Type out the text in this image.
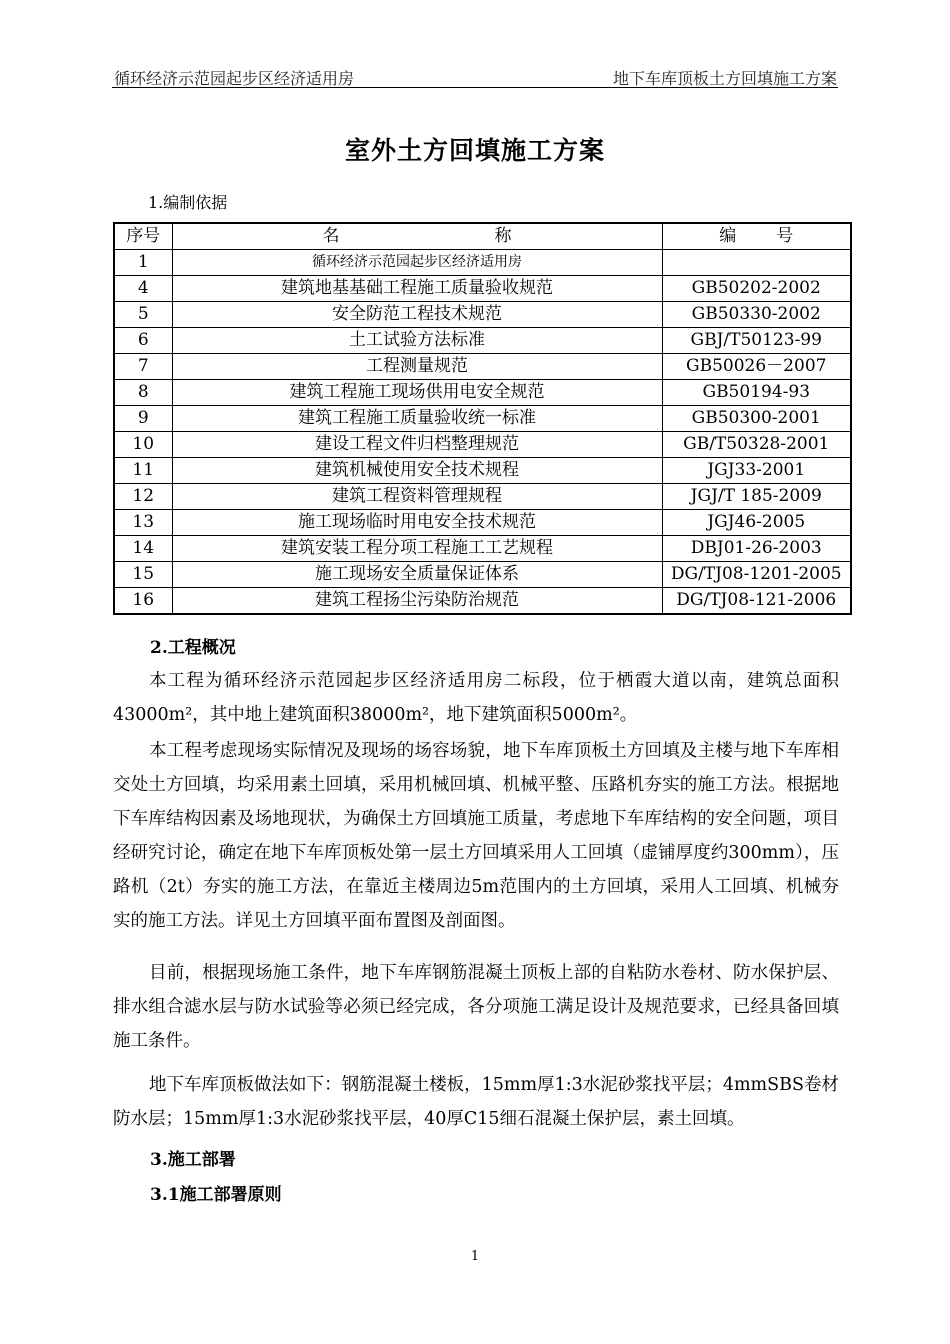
循环经济示范园起步区经济适用房	地下车库顶板土方回填施工方案
室外土方回填施工方案
1.编制依据
序号	名 称	编 号

1	循环经济示范园起步区经济适用房	
4	建筑地基基础工程施工质量验收规范	GB50202-2002
5	安全防范工程技术规范	GB50330-2002
6	土工试验方法标准	GBJ/T50123-99
7	工程测量规范	GB50026－2007
8	建筑工程施工现场供用电安全规范	GB50194-93
9	建筑工程施工质量验收统一标准	GB50300-2001
10	建设工程文件归档整理规范	GB/T50328-2001
11	建筑机械使用安全技术规程	JGJ33-2001
12	建筑工程资料管理规程	JGJ/T 185-2009
13	施工现场临时用电安全技术规范	JGJ46-2005
14	建筑安装工程分项工程施工工艺规程	DBJ01-26-2003
15	施工现场安全质量保证体系	DG/TJ08-1201-2005
16	建筑工程扬尘污染防治规范	DG/TJ08-121-2006
2.工程概况
本工程为循环经济示范园起步区经济适用房二标段，位于栖霞大道以南，建筑总面积43000m²，其中地上建筑面积38000m²，地下建筑面积5000m²。
本工程考虑现场实际情况及现场的场容场貌，地下车库顶板土方回填及主楼与地下车库相交处土方回填，均采用素土回填，采用机械回填、机械平整、压路机夯实的施工方法。根据地下车库结构因素及场地现状，为确保土方回填施工质量，考虑地下车库结构的安全问题，项目经研究讨论，确定在地下车库顶板处第一层土方回填采用人工回填（虚铺厚度约300mm），压路机（2t）夯实的施工方法，在靠近主楼周边5m范围内的土方回填，采用人工回填、机械夯实的施工方法。详见土方回填平面布置图及剖面图。
目前，根据现场施工条件，地下车库钢筋混凝土顶板上部的自粘防水卷材、防水保护层、排水组合滤水层与防水试验等必须已经完成，各分项施工满足设计及规范要求，已经具备回填施工条件。
地下车库顶板做法如下：钢筋混凝土楼板，15mm厚1:3水泥砂浆找平层；4mmSBS卷材防水层；15mm厚1:3水泥砂浆找平层，40厚C15细石混凝土保护层，素土回填。
3.施工部署
3.1施工部署原则
1
